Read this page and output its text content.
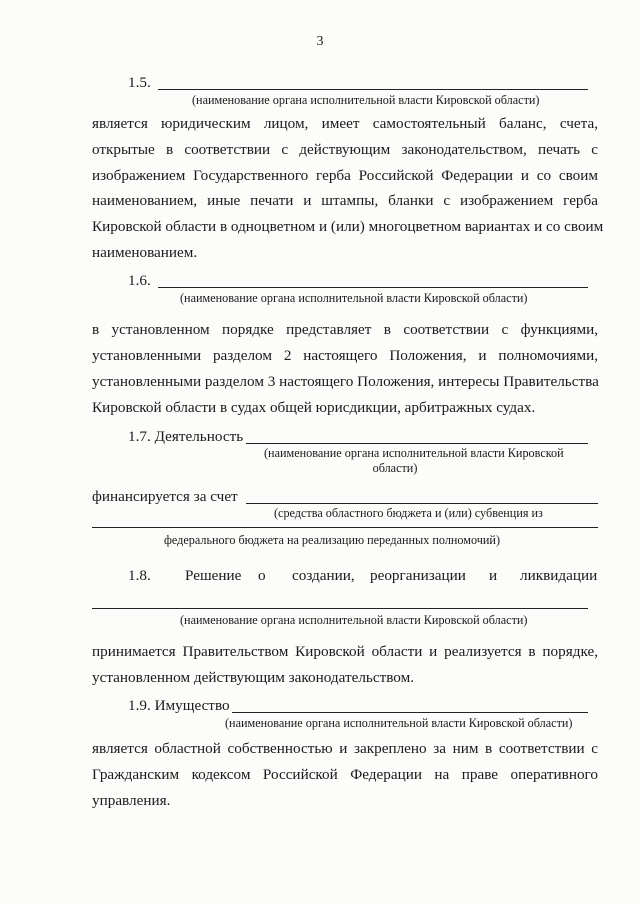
3
1.5.
(наименование органа исполнительной власти Кировской области)
является юридическим лицом, имеет самостоятельный баланс, счета,
открытые в соответствии с действующим законодательством, печать с
изображением Государственного герба Российской Федерации и со своим
наименованием, иные печати и штампы, бланки с изображением герба
Кировской области в одноцветном и (или) многоцветном вариантах и со своим
наименованием.
1.6.
(наименование органа исполнительной власти Кировской области)
в установленном порядке представляет в соответствии с функциями,
установленными разделом 2 настоящего Положения, и полномочиями,
установленными разделом 3 настоящего Положения, интересы Правительства
Кировской области в судах общей юрисдикции, арбитражных судах.
1.7. Деятельность
(наименование органа исполнительной власти Кировской
области)
финансируется за счет
(средства областного бюджета и (или) субвенция из
федерального бюджета на реализацию переданных полномочий)
1.8. Решение о создании, реорганизации и ликвидации
(наименование органа исполнительной власти Кировской области)
принимается Правительством Кировской области и реализуется в порядке,
установленном действующим законодательством.
1.9. Имущество
(наименование органа исполнительной власти Кировской области)
является областной собственностью и закреплено за ним в соответствии с
Гражданским кодексом Российской Федерации на праве оперативного
управления.
